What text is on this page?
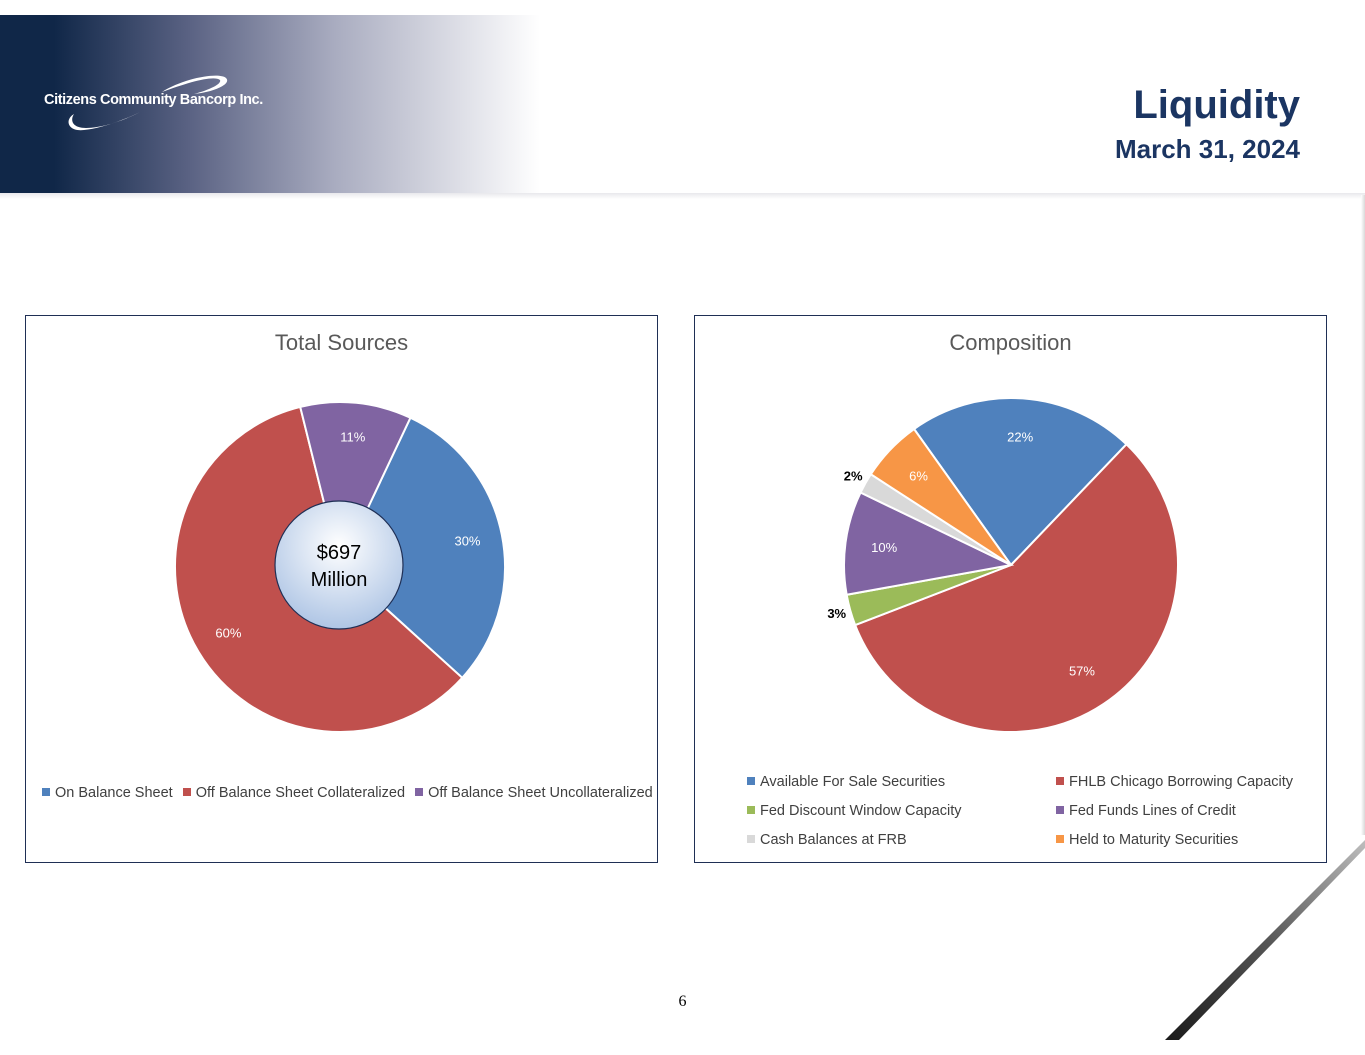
Citizens Community Bancorp Inc.	Liquidity
March 31, 2024
Total Sources
30%
60%
11%
$697
Million
On Balance Sheet Off Balance Sheet Collateralized Off Balance Sheet Uncollateralized
Composition
22%
57%
3%
10%
2%	6%
Available For Sale Securities	FHLB Chicago Borrowing Capacity
Fed Discount Window Capacity	Fed Funds Lines of Credit
Cash Balances at FRB	Held to Maturity Securities
6
